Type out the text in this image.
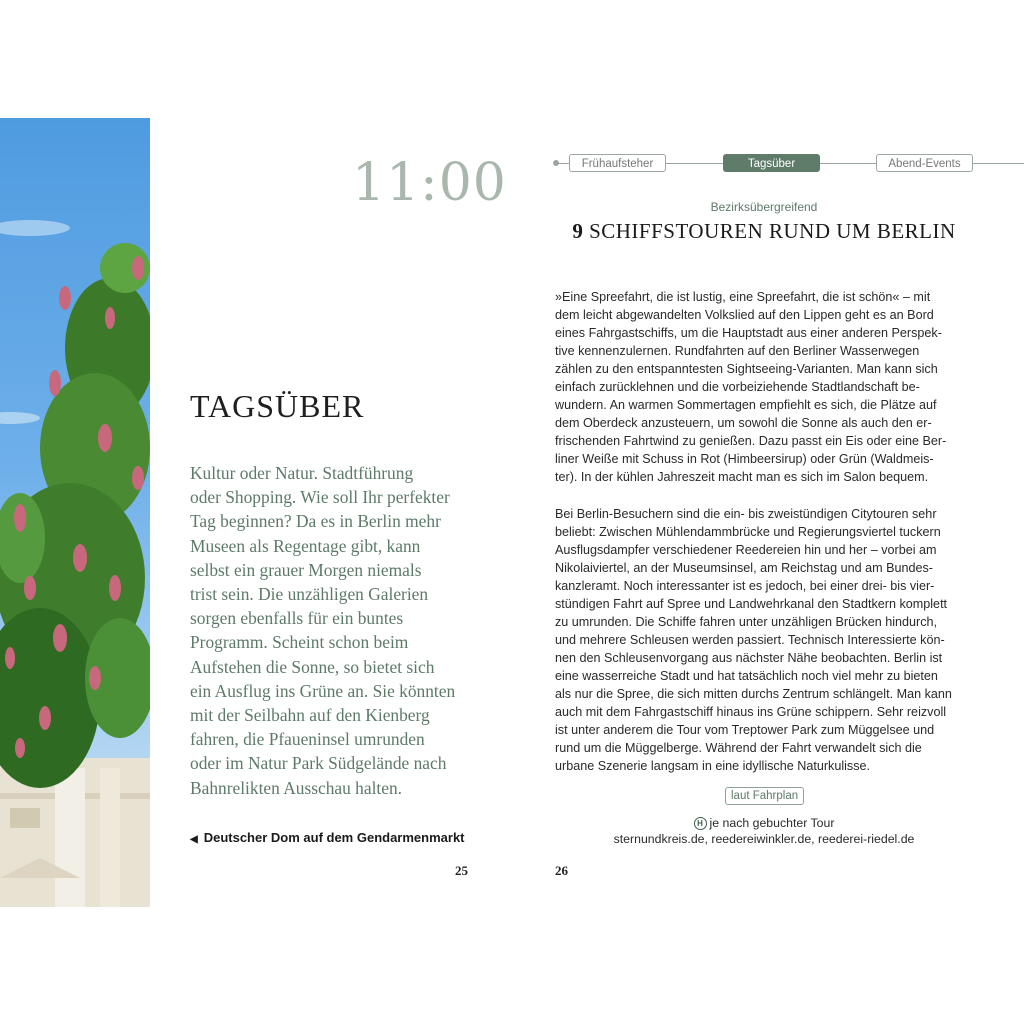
11:00
TAGSÜBER
Kultur oder Natur. Stadtführung
oder Shopping. Wie soll Ihr perfekter
Tag beginnen? Da es in Berlin mehr
Museen als Regentage gibt, kann
selbst ein grauer Morgen niemals
trist sein. Die unzähligen Galerien
sorgen ebenfalls für ein buntes
Programm. Scheint schon beim
Aufstehen die Sonne, so bietet sich
ein Ausflug ins Grüne an. Sie könnten
mit der Seilbahn auf den Kienberg
fahren, die Pfaueninsel umrunden
oder im Natur Park Südgelände nach
Bahnrelikten Ausschau halten.
◀ Deutscher Dom auf dem Gendarmenmarkt
25
Frühaufsteher	Tagsüber	Abend-Events
Bezirksübergreifend
9 SCHIFFSTOUREN RUND UM BERLIN
»Eine Spreefahrt, die ist lustig, eine Spreefahrt, die ist schön« – mit
dem leicht abgewandelten Volkslied auf den Lippen geht es an Bord
eines Fahrgastschiffs, um die Hauptstadt aus einer anderen Perspek-
tive kennenzulernen. Rundfahrten auf den Berliner Wasserwegen
zählen zu den entspanntesten Sightseeing-Varianten. Man kann sich
einfach zurücklehnen und die vorbeiziehende Stadtlandschaft be-
wundern. An warmen Sommertagen empfiehlt es sich, die Plätze auf
dem Oberdeck anzusteuern, um sowohl die Sonne als auch den er-
frischenden Fahrtwind zu genießen. Dazu passt ein Eis oder eine Ber-
liner Weiße mit Schuss in Rot (Himbeersirup) oder Grün (Waldmeis-
ter). In der kühlen Jahreszeit macht man es sich im Salon bequem.
Bei Berlin-Besuchern sind die ein- bis zweistündigen Citytouren sehr
beliebt: Zwischen Mühlendammbrücke und Regierungsviertel tuckern
Ausflugsdampfer verschiedener Reedereien hin und her – vorbei am
Nikolaiviertel, an der Museumsinsel, am Reichstag und am Bundes-
kanzleramt. Noch interessanter ist es jedoch, bei einer drei- bis vier-
stündigen Fahrt auf Spree und Landwehrkanal den Stadtkern komplett
zu umrunden. Die Schiffe fahren unter unzähligen Brücken hindurch,
und mehrere Schleusen werden passiert. Technisch Interessierte kön-
nen den Schleusenvorgang aus nächster Nähe beobachten. Berlin ist
eine wasserreiche Stadt und hat tatsächlich noch viel mehr zu bieten
als nur die Spree, die sich mitten durchs Zentrum schlängelt. Man kann
auch mit dem Fahrgastschiff hinaus ins Grüne schippern. Sehr reizvoll
ist unter anderem die Tour vom Treptower Park zum Müggelsee und
rund um die Müggelberge. Während der Fahrt verwandelt sich die
urbane Szenerie langsam in eine idyllische Naturkulisse.
laut Fahrplan
H je nach gebuchter Tour
sternundkreis.de, reedereiwinkler.de, reederei-riedel.de
26
